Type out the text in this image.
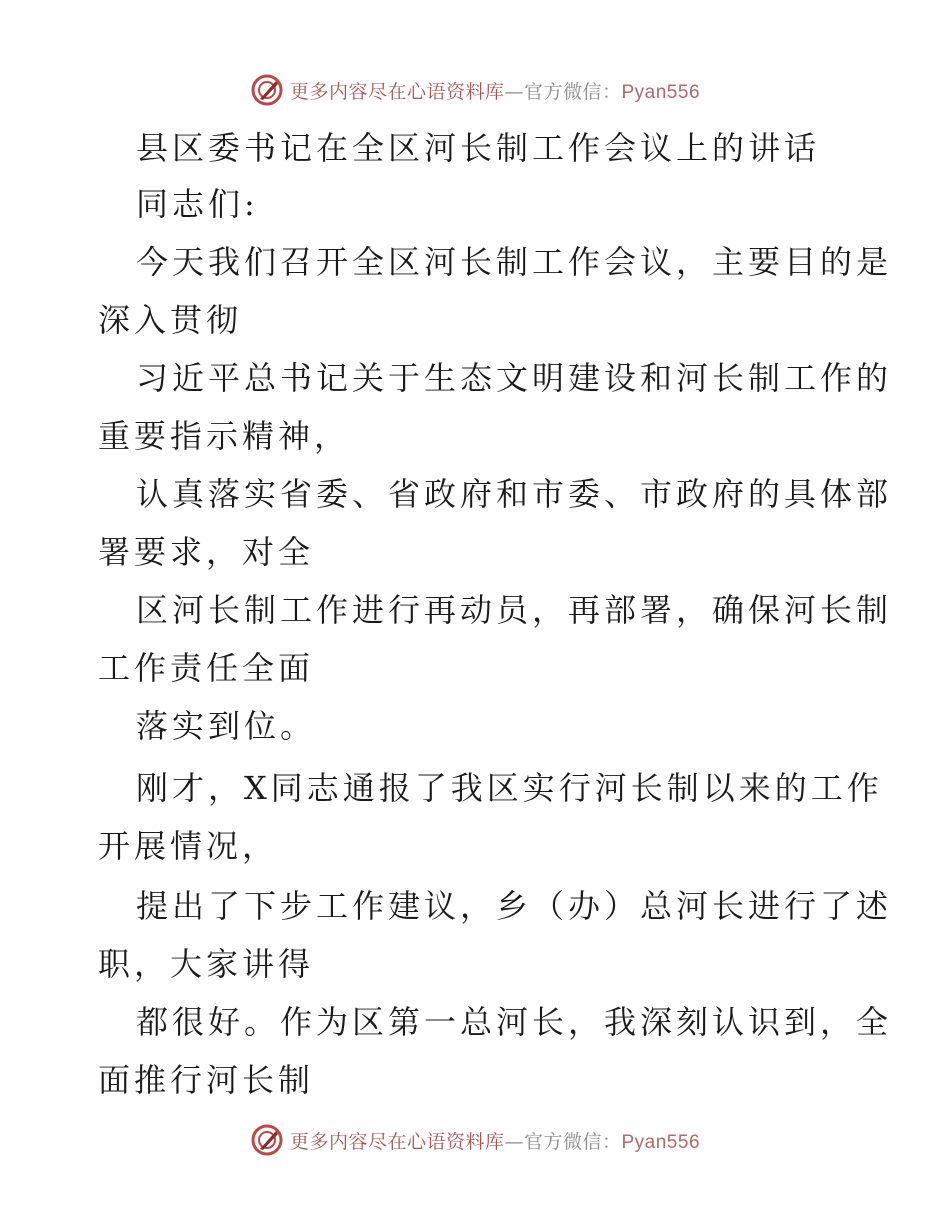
更多内容尽在心语资料库—官方微信：Pyan556
县区委书记在全区河长制工作会议上的讲话
同志们:
今天我们召开全区河长制工作会议，主要目的是
深入贯彻
习近平总书记关于生态文明建设和河长制工作的
重要指示精神，
认真落实省委、省政府和市委、市政府的具体部
署要求，对全
区河长制工作进行再动员，再部署，确保河长制
工作责任全面
落实到位。
刚才，X同志通报了我区实行河长制以来的工作
开展情况，
提出了下步工作建议，乡（办）总河长进行了述
职，大家讲得
都很好。作为区第一总河长，我深刻认识到，全
面推行河长制
更多内容尽在心语资料库—官方微信：Pyan556
